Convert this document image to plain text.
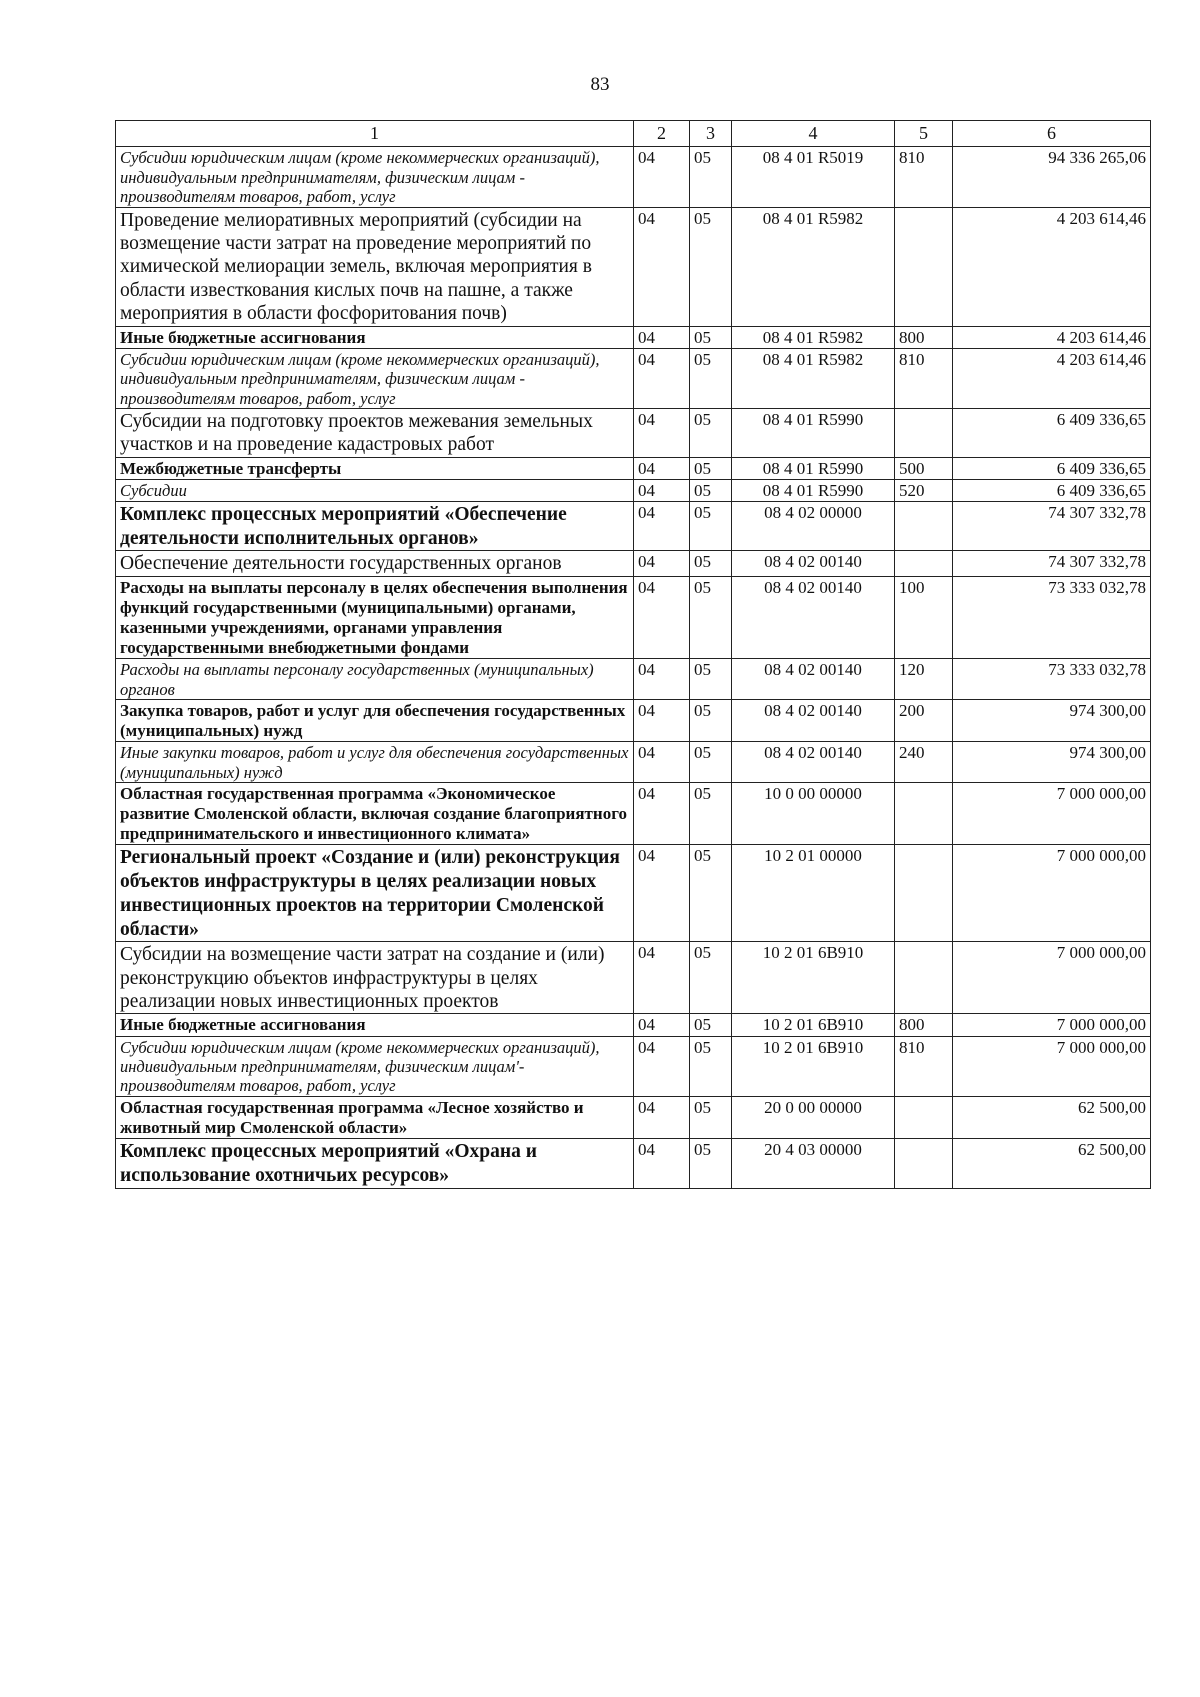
83
1	2	3	4	5	6
Субсидии юридическим лицам (кроме некоммерческих организаций), индивидуальным предпринимателям, физическим лицам - производителям товаров, работ, услуг	04	05	08 4 01 R5019	810	94 336 265,06
Проведение мелиоративных мероприятий (субсидии на возмещение части затрат на проведение мероприятий по химической мелиорации земель, включая мероприятия в области известкования кислых почв на пашне, а также мероприятия в области фосфоритования почв)	04	05	08 4 01 R5982		4 203 614,46
Иные бюджетные ассигнования	04	05	08 4 01 R5982	800	4 203 614,46
Субсидии юридическим лицам (кроме некоммерческих организаций), индивидуальным предпринимателям, физическим лицам - производителям товаров, работ, услуг	04	05	08 4 01 R5982	810	4 203 614,46
Субсидии на подготовку проектов межевания земельных участков и на проведение кадастровых работ	04	05	08 4 01 R5990		6 409 336,65
Межбюджетные трансферты	04	05	08 4 01 R5990	500	6 409 336,65
Субсидии	04	05	08 4 01 R5990	520	6 409 336,65
Комплекс процессных мероприятий «Обеспечение деятельности исполнительных органов»	04	05	08 4 02 00000		74 307 332,78
Обеспечение деятельности государственных органов	04	05	08 4 02 00140		74 307 332,78
Расходы на выплаты персоналу в целях обеспечения выполнения функций государственными (муниципальными) органами, казенными учреждениями, органами управления государственными внебюджетными фондами	04	05	08 4 02 00140	100	73 333 032,78
Расходы на выплаты персоналу государственных (муниципальных) органов	04	05	08 4 02 00140	120	73 333 032,78
Закупка товаров, работ и услуг для обеспечения государственных (муниципальных) нужд	04	05	08 4 02 00140	200	974 300,00
Иные закупки товаров, работ и услуг для обеспечения государственных (муниципальных) нужд	04	05	08 4 02 00140	240	974 300,00
Областная государственная программа «Экономическое развитие Смоленской области, включая создание благоприятного предпринимательского и инвестиционного климата»	04	05	10 0 00 00000		7 000 000,00
Региональный проект «Создание и (или) реконструкция объектов инфраструктуры в целях реализации новых инвестиционных проектов на территории Смоленской области»	04	05	10 2 01 00000		7 000 000,00
Субсидии на возмещение части затрат на создание и (или) реконструкцию объектов инфраструктуры в целях реализации новых инвестиционных проектов	04	05	10 2 01 6В910		7 000 000,00
Иные бюджетные ассигнования	04	05	10 2 01 6В910	800	7 000 000,00
Субсидии юридическим лицам (кроме некоммерческих организаций), индивидуальным предпринимателям, физическим лицам'- производителям товаров, работ, услуг	04	05	10 2 01 6В910	810	7 000 000,00
Областная государственная программа «Лесное хозяйство и животный мир Смоленской области»	04	05	20 0 00 00000		62 500,00
Комплекс процессных мероприятий «Охрана и использование охотничьих ресурсов»	04	05	20 4 03 00000		62 500,00
